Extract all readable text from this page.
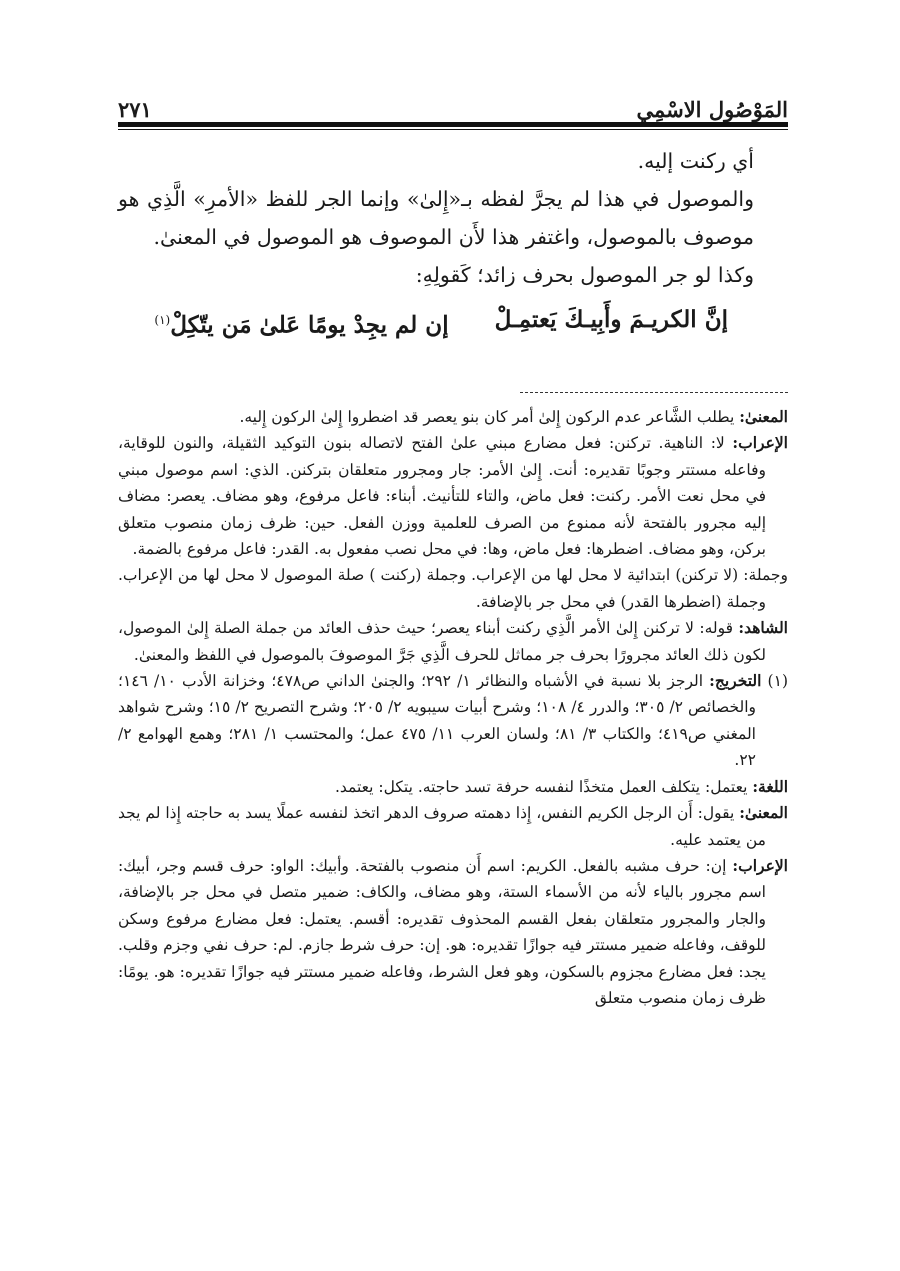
المَوْصُول الاسْمِي
٢٧١

أي ركنت إليه.

والموصول في هذا لم يجرَّ لفظه بـ«إِلىٰ» وإنما الجر للفظ «الأمرِ» الَّذِي هو موصوف بالموصول، واغتفر هذا لأَن الموصوف هو الموصول في المعنىٰ.

وكذا لو جر الموصول بحرف زائد؛ كَقولِهِ:

إنَّ الكريـمَ وأَبِيـكَ يَعتمِـلْ
إن لم يجِدْ يومًا عَلىٰ مَن يتّكِلْ$^{(١)}$

المعنىٰ: يطلب الشَّاعر عدم الركون إِلىٰ أمر كان بنو يعصر قد اضطروا إِلىٰ الركون إِليه.

الإعراب: لا: الناهية. تركنن: فعل مضارع مبني علىٰ الفتح لاتصاله بنون التوكيد الثقيلة، والنون للوقاية، وفاعله مستتر وجوبًا تقديره: أنت. إِلىٰ الأمر: جار ومجرور متعلقان بتركنن. الذي: اسم موصول مبني في محل نعت الأمر. ركنت: فعل ماض، والتاء للتأنيث. أبناء: فاعل مرفوع، وهو مضاف. يعصر: مضاف إليه مجرور بالفتحة لأنه ممنوع من الصرف للعلمية ووزن الفعل. حين: ظرف زمان منصوب متعلق بركن، وهو مضاف. اضطرها: فعل ماض، وها: في محل نصب مفعول به. القدر: فاعل مرفوع بالضمة.

وجملة: (لا تركنن) ابتدائية لا محل لها من الإعراب. وجملة (ركنت ) صلة الموصول لا محل لها من الإعراب. وجملة (اضطرها القدر) في محل جر بالإضافة.

الشاهد: قوله: لا تركنن إِلىٰ الأمر الَّذِي ركنت أبناء يعصر؛ حيث حذف العائد من جملة الصلة إِلىٰ الموصول، لكون ذلك العائد مجرورًا بحرف جر مماثل للحرف الَّذِي جَرَّ الموصوفَ بالموصول في اللفظ والمعنىٰ.

(١) التخريج: الرجز بلا نسبة في الأشباه والنظائر ١/ ٢٩٢؛ والجنىٰ الداني ص٤٧٨؛ وخزانة الأدب ١٠/ ١٤٦؛ والخصائص ٢/ ٣٠٥؛ والدرر ٤/ ١٠٨؛ وشرح أبيات سيبويه ٢/ ٢٠٥؛ وشرح التصريح ٢/ ١٥؛ وشرح شواهد المغني ص٤١٩؛ والكتاب ٣/ ٨١؛ ولسان العرب ١١/ ٤٧٥ عمل؛ والمحتسب ١/ ٢٨١؛ وهمع الهوامع ٢/ ٢٢.

اللغة: يعتمل: يتكلف العمل متخذًا لنفسه حرفة تسد حاجته. يتكل: يعتمد.

المعنىٰ: يقول: أَن الرجل الكريم النفس، إِذا دهمته صروف الدهر اتخذ لنفسه عملًا يسد به حاجته إِذا لم يجد من يعتمد عليه.

الإعراب: إن: حرف مشبه بالفعل. الكريم: اسم أَن منصوب بالفتحة. وأبيك: الواو: حرف قسم وجر، أبيك: اسم مجرور بالياء لأنه من الأسماء الستة، وهو مضاف، والكاف: ضمير متصل في محل جر بالإضافة، والجار والمجرور متعلقان بفعل القسم المحذوف تقديره: أقسم. يعتمل: فعل مضارع مرفوع وسكن للوقف، وفاعله ضمير مستتر فيه جوازًا تقديره: هو. إن: حرف شرط جازم. لم: حرف نفي وجزم وقلب. يجد: فعل مضارع مجزوم بالسكون، وهو فعل الشرط، وفاعله ضمير مستتر فيه جوازًا تقديره: هو. يومًا: ظرف زمان منصوب متعلق
